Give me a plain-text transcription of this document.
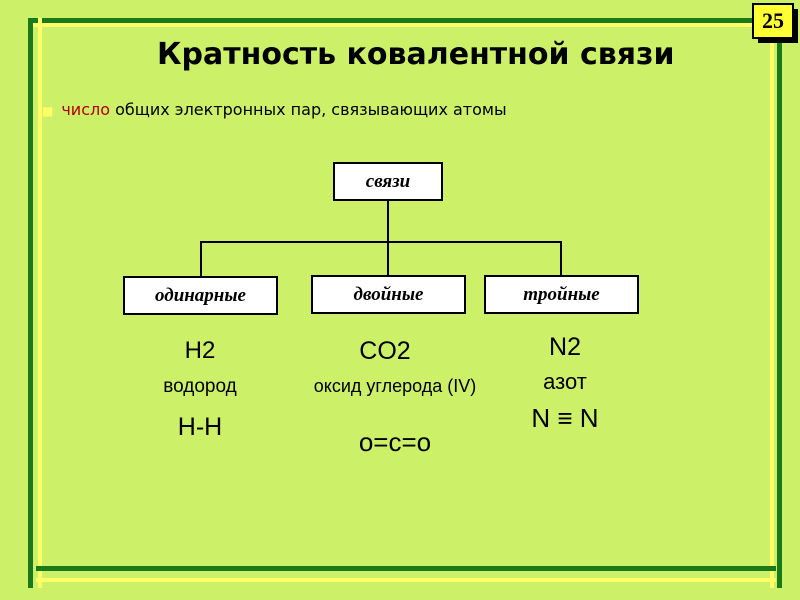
25
Кратность ковалентной связи
■ число общих электронных пар, связывающих атомы
связи
одинарные	двойные	тройные
H2
водород
H-H
CO2
оксид углерода (IV)
o=c=o
N2
азот
N ≡ N
